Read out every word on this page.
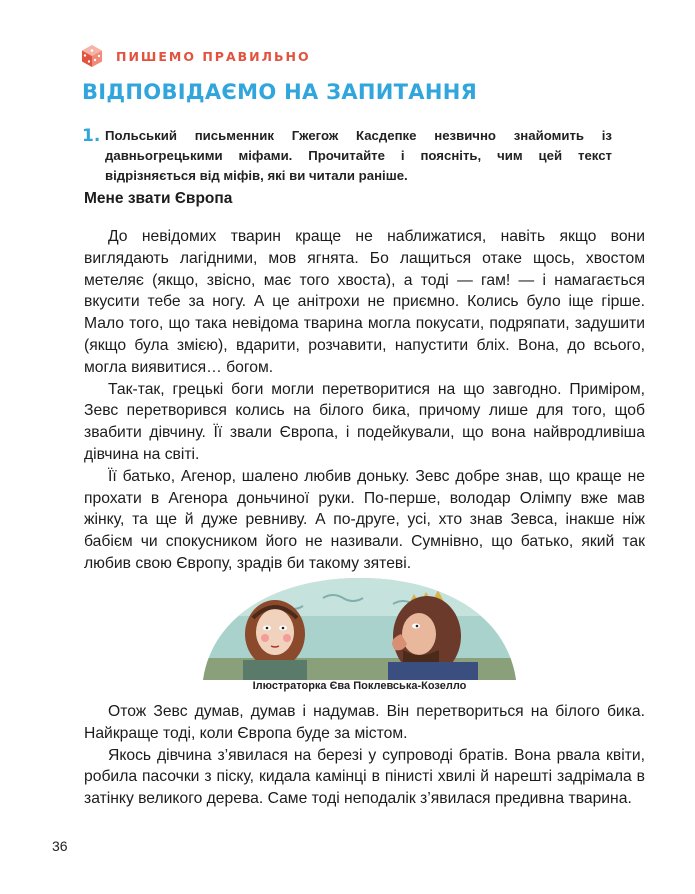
ПИШЕМО ПРАВИЛЬНО
ВІДПОВІДАЄМО НА ЗАПИТАННЯ
1. Польський письменник Гжегож Касдепке незвично знайомить із давньогрецькими міфами. Прочитайте і поясніть, чим цей текст відрізняється від міфів, які ви читали раніше.
Мене звати Європа

До невідомих тварин краще не наближатися, навіть якщо вони виглядають лагідними, мов ягнята. Бо лащиться отаке щось, хвостом метеляє (якщо, звісно, має того хвоста), а тоді — гам! — і намагається вкусити тебе за ногу. А це анітрохи не приємно. Колись було іще гірше. Мало того, що така невідома тварина могла покусати, подряпати, задушити (якщо була змією), вдарити, розчавити, напустити бліх. Вона, до всього, могла виявитися… богом.

Так-так, грецькі боги могли перетворитися на що завгодно. Приміром, Зевс перетворився колись на білого бика, причому лише для того, щоб звабити дівчину. Її звали Європа, і подейкували, що вона найвродливіша дівчина на світі.

Її батько, Агенор, шалено любив доньку. Зевс добре знав, що краще не прохати в Агенора доньчиної руки. По-перше, володар Олімпу вже мав жінку, та ще й дуже ревниву. А по-друге, усі, хто знав Зевса, інакше ніж бабієм чи спокусником його не називали. Сумнівно, що батько, який так любив свою Європу, зрадів би такому зятеві.

Ілюстраторка Єва Поклевська-Козелло

Отож Зевс думав, думав і надумав. Він перетвориться на білого бика. Найкраще тоді, коли Європа буде за містом.

Якось дівчина з’явилася на березі у супроводі братів. Вона рвала квіти, робила пасочки з піску, кидала камінці в пінисті хвилі й нарешті задрімала в затінку великого дерева. Саме тоді неподалік з’явилася предивна тварина.

36
